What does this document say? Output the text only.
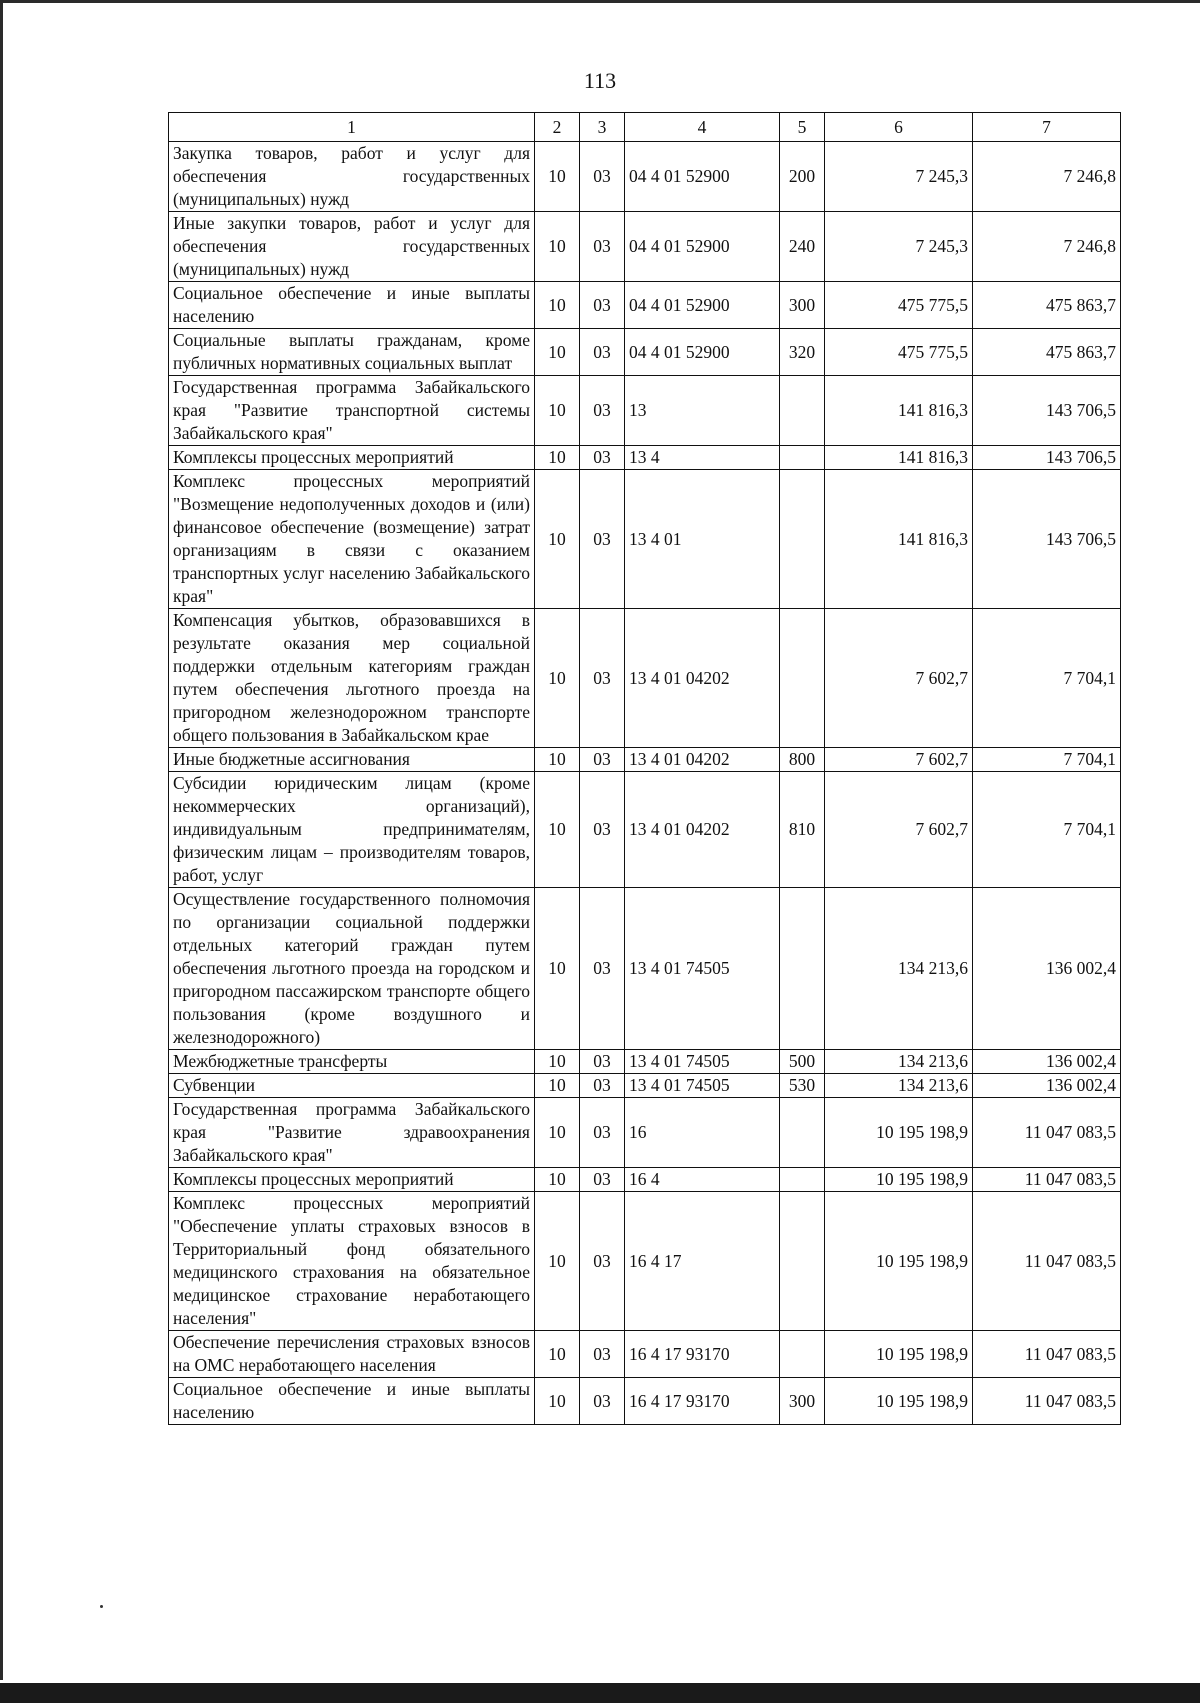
113
1	2	3	4	5	6	7
Закупка товаров, работ и услуг для обеспечения государственных (муниципальных) нужд	10	03	04 4 01 52900	200	7 245,3	7 246,8
Иные закупки товаров, работ и услуг для обеспечения государственных (муниципальных) нужд	10	03	04 4 01 52900	240	7 245,3	7 246,8
Социальное обеспечение и иные выплаты населению	10	03	04 4 01 52900	300	475 775,5	475 863,7
Социальные выплаты гражданам, кроме публичных нормативных социальных выплат	10	03	04 4 01 52900	320	475 775,5	475 863,7
Государственная программа Забайкальского края "Развитие транспортной системы Забайкальского края"	10	03	13		141 816,3	143 706,5
Комплексы процессных мероприятий	10	03	13 4		141 816,3	143 706,5
Комплекс процессных мероприятий "Возмещение недополученных доходов и (или) финансовое обеспечение (возмещение) затрат организациям в связи с оказанием транспортных услуг населению Забайкальского края"	10	03	13 4 01		141 816,3	143 706,5
Компенсация убытков, образовавшихся в результате оказания мер социальной поддержки отдельным категориям граждан путем обеспечения льготного проезда на пригородном железнодорожном транспорте общего пользования в Забайкальском крае	10	03	13 4 01 04202		7 602,7	7 704,1
Иные бюджетные ассигнования	10	03	13 4 01 04202	800	7 602,7	7 704,1
Субсидии юридическим лицам (кроме некоммерческих организаций), индивидуальным предпринимателям, физическим лицам – производителям товаров, работ, услуг	10	03	13 4 01 04202	810	7 602,7	7 704,1
Осуществление государственного полномочия по организации социальной поддержки отдельных категорий граждан путем обеспечения льготного проезда на городском и пригородном пассажирском транспорте общего пользования (кроме воздушного и железнодорожного)	10	03	13 4 01 74505		134 213,6	136 002,4
Межбюджетные трансферты	10	03	13 4 01 74505	500	134 213,6	136 002,4
Субвенции	10	03	13 4 01 74505	530	134 213,6	136 002,4
Государственная программа Забайкальского края "Развитие здравоохранения Забайкальского края"	10	03	16		10 195 198,9	11 047 083,5
Комплексы процессных мероприятий	10	03	16 4		10 195 198,9	11 047 083,5
Комплекс процессных мероприятий "Обеспечение уплаты страховых взносов в Территориальный фонд обязательного медицинского страхования на обязательное медицинское страхование неработающего населения"	10	03	16 4 17		10 195 198,9	11 047 083,5
Обеспечение перечисления страховых взносов на ОМС неработающего населения	10	03	16 4 17 93170		10 195 198,9	11 047 083,5
Социальное обеспечение и иные выплаты населению	10	03	16 4 17 93170	300	10 195 198,9	11 047 083,5
